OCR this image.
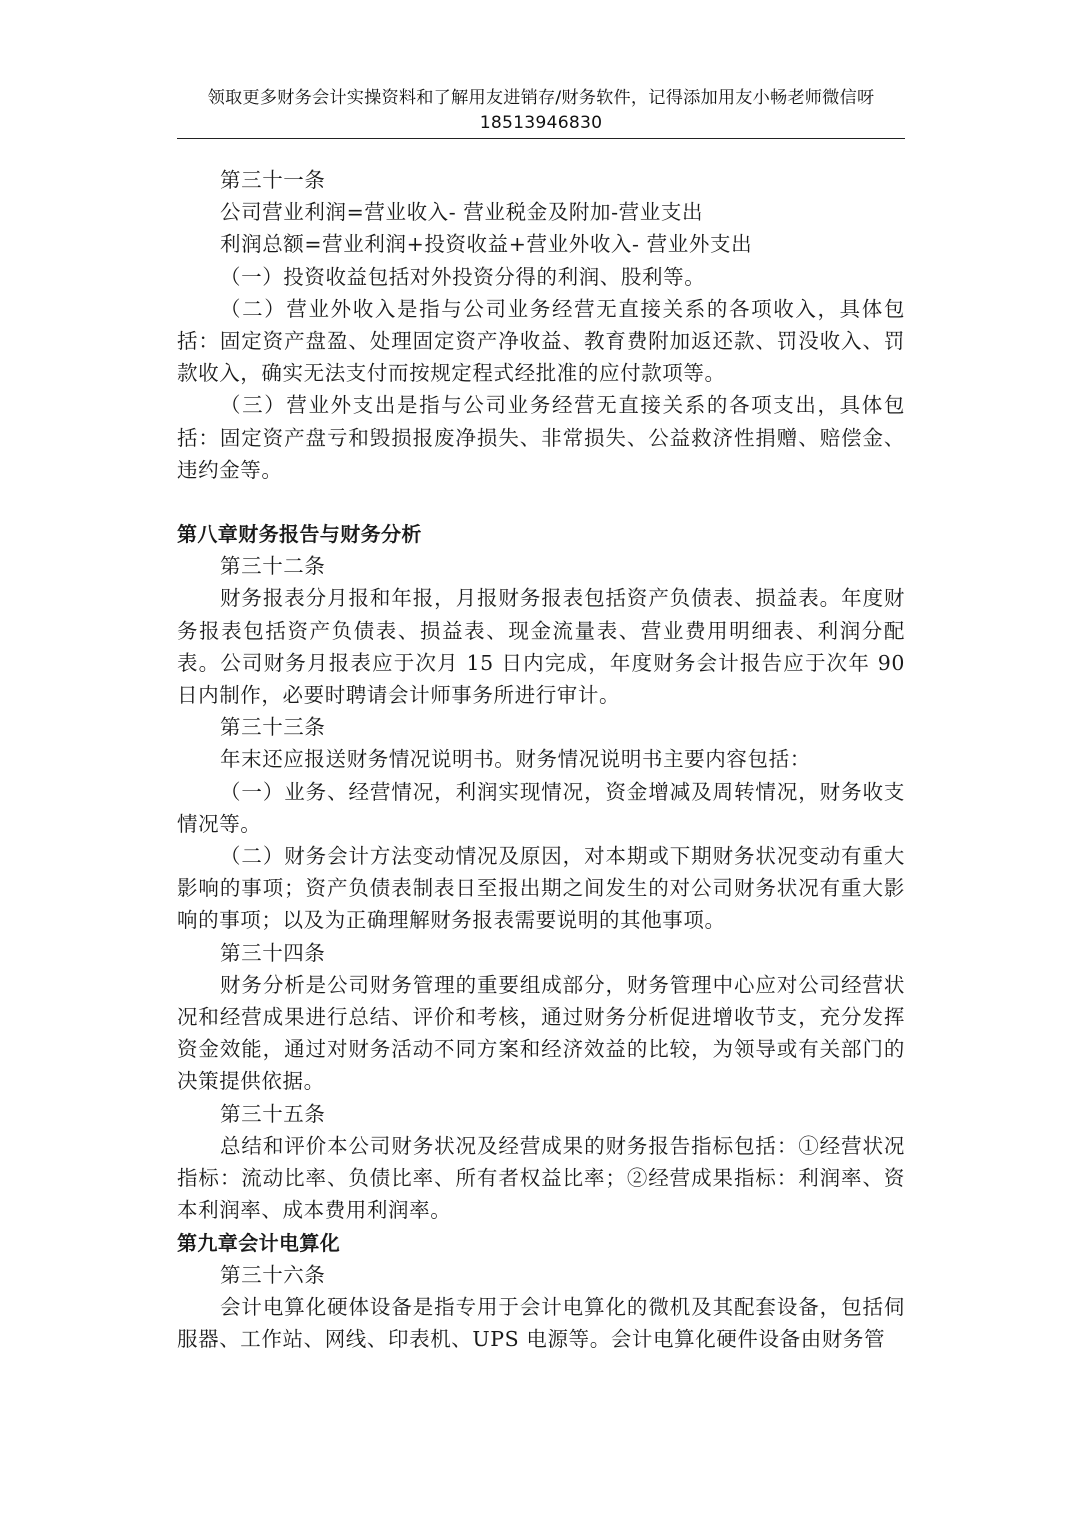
领取更多财务会计实操资料和了解用友进销存/财务软件，记得添加用友小畅老师微信呀
18513946830

第三十一条

公司营业利润=营业收入- 营业税金及附加-营业支出

利润总额=营业利润+投资收益+营业外收入- 营业外支出

（一）投资收益包括对外投资分得的利润、股利等。

（二）营业外收入是指与公司业务经营无直接关系的各项收入，具体包括：固定资产盘盈、处理固定资产净收益、教育费附加返还款、罚没收入、罚款收入，确实无法支付而按规定程式经批准的应付款项等。

（三）营业外支出是指与公司业务经营无直接关系的各项支出，具体包括：固定资产盘亏和毁损报废净损失、非常损失、公益救济性捐赠、赔偿金、违约金等。

第八章财务报告与财务分析

第三十二条

财务报表分月报和年报，月报财务报表包括资产负债表、损益表。年度财务报表包括资产负债表、损益表、现金流量表、营业费用明细表、利润分配表。公司财务月报表应于次月 15 日内完成，年度财务会计报告应于次年 90 日内制作，必要时聘请会计师事务所进行审计。

第三十三条

年末还应报送财务情况说明书。财务情况说明书主要内容包括：

（一）业务、经营情况，利润实现情况，资金增减及周转情况，财务收支情况等。

（二）财务会计方法变动情况及原因，对本期或下期财务状况变动有重大影响的事项；资产负债表制表日至报出期之间发生的对公司财务状况有重大影响的事项；以及为正确理解财务报表需要说明的其他事项。

第三十四条

财务分析是公司财务管理的重要组成部分，财务管理中心应对公司经营状况和经营成果进行总结、评价和考核，通过财务分析促进增收节支，充分发挥资金效能，通过对财务活动不同方案和经济效益的比较，为领导或有关部门的决策提供依据。

第三十五条

总结和评价本公司财务状况及经营成果的财务报告指标包括：①经营状况指标：流动比率、负债比率、所有者权益比率；②经营成果指标：利润率、资本利润率、成本费用利润率。

第九章会计电算化

第三十六条

会计电算化硬体设备是指专用于会计电算化的微机及其配套设备，包括伺服器、工作站、网线、印表机、UPS 电源等。会计电算化硬件设备由财务管
